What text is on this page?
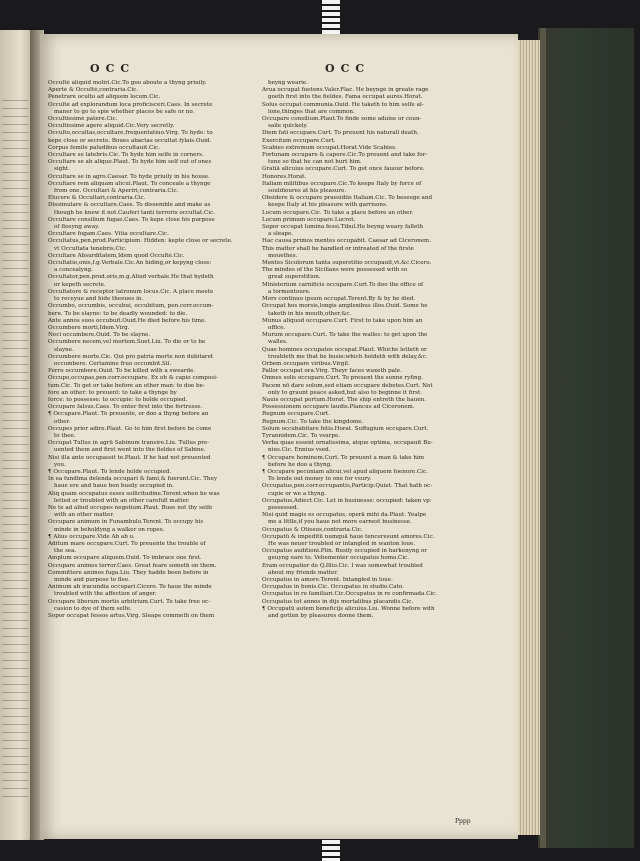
OCC	OCC
Occultè aliquid moliri.Cic.To goo aboute a thyng priuily.
Apertè & Occultè,contraria.Cic.
Penetrare oculto ad aliquem locum.Cic.
Occultè ad explorandum loca proficisceri.Caes. In secrete
maner to go to spie whether places be safe or no.
Occultissimè patere.Cic.
Occultissimè agere aliquid.Cic.Very secretly.
Occulto,occultas,occultare,frequentatiuo.Virg. To hyde: to
kepe close or secrete. Boues abactas occultat fylais.Ouid.
Corpus femile paludibus occultauit.Cic.
Occultare se latebris.Cic. To hyde him selfe in corners.
Occultare se ab aliquo.Plaut. To hyde him self out of ones
sight.
Occultare se in agro.Caesar. To hyde priuily in his house.
Occultare rem aliquam alicui.Plaut. To conceale a thynge
from one. Occultari & Aperiri,contraria.Cic.
Elucere & Occultari,contraria.Cic.
Dissimulare & occultare.Caes. To dissemble and make as
though he knew it not.Cauferi tanti terroris occultat.Cic.
Occultare consilium fugae.Caes. To kepe close his purpose
of fleeyng away.
Occultare fugam.Caes. Vitia occultare.Cic.
Occultatus,pen.prod.Participium. Hidden: kepte close or secrete.
vt Occultata tenebris.Cic.
Occultare Absurditatem,Idem quod Occultè.Cic.
Occultatio,onis,f.g.Verbale.Cic.An hiding,or kepyng close:
a concealyng.
Occultator,pen.prod.oris,m.g.Aliud verbale.He that hydeth
or kepeth secrete.
Occultatore & receptor latronum locus.Cic. A place meete
to receyue and hide theeues in.
Occumbo, occumbis, occubui, occubitum, pen.corr.occum-
bere. To be slayne: to be deadly wounded: to die.
Ante annos suos occubuit.Ouid.He died before his time.
Occumbere morti,Idem.Virg.
Neci occumbere.Ouid. To be slayne.
Occumbere necem,vel mortem.Suet.Liu. To die or to be
slayne.
Occumbere morte.Cic. Qui pro patria morte non dubitaret
occumbere. Certamine fruo occumbit.Sil.
Ferro occumbere.Ouid. To be killed with a swearde.
Occupo,occupas,pen.corr.occupare. Ex ob & capio composi-
tum.Cic. To get or take before an other man: to doe be-
fore an other: to preuent: to take a thynge by
force: to possesse: to occupie: to holde occupied.
Occupare falsus.Caes. To enter first into the fortresse.
¶ Occupare.Plaut. To preuente, or doo a thyng before an
other.
Occupes prior adire.Plaut. Go to him first before he come
to thee.
Occupat Tullus in agrū Sabinum transire.Liu. Tullus pre-
uented them and first went into the fieldes of Sabine.
Nisi illa ante occupassit te.Plaut. If he had not preuented
you.
¶ Occupare.Plaut. To lende holde occupied.
In ea fundima delenda occupari & fami,& fuerunt.Cic. They
haue ere and haue ben busily occupied in.
Aliq quam occupatus esses sollicitudine.Terent.when he was
letted or troubled with an other carefull matter.
Ne te ad aliud occupes negotium.Plaut. Buse not thy selfe
with an other matter.
Occupare animum in Funambulo.Terent. To occupy his
minde in beholdyng a walker on ropes.
¶ Alius occupare.Vide Ab ab o.
Aditum mare occupare.Curt. To preuente the trouble of
the sea.
Amplum occupare aliquem.Ouid. To imbrace one first.
Occupare animos terror.Caes. Great feare someth on them.
Committere animos fuga.Liu. They hadde been before in
minde and purpose to flee.
Animum ab iracundia occupari.Cicero. To haue the minde
troubled with the affection of anger.
Occupare liberum mortis arbitrium.Curt. To take free oc-
casion to dye of them selfe.
Sopor occupat fessos artus.Virg. Sleape commeth on them
beyng wearie.
Arua occupat fuetens.Valer.Flac. He beyngé in greate rage
goeth first into the fieldes. Fama occupat aures.Horat.
Solus occupat communia.Ouid. He taketh to him selfe al-
lone,thinges that are common.
Occupare consilium.Plaut.To finde some aduise or coun-
saile quickely.
Diem fati occupare.Curt. To preuent his naturall death.
Exercitum occupare.Curt.
Scabies extremum occupat.Horat.Vide Scabies.
Fortunam occupare & capere.Cic.To preuent and take for-
tune so that he can not hurt him.
Gratiā alicuius occupare.Curt. To get once fauour before.
Honores.Horat.
Italiam militibus occupare.Cic.To keepe Italy by force of
souldioures at his pleasure.
Obsidere & occupare praesidiis Italiam.Cic. To beseege and
keepe Italy at his pleasure with garrisons.
Locum occupare.Cic. To take a place before an other.
Locum primum occupare.Lucret.
Sopor occupat lumina fessi.Tibul.He beyng weary falleth
a sleape.
Hac causa primos mentes occupabit. Caesar ad Ciceronem.
This matter shall be handled or intreated of the firste
mouethes.
Mentes Siculorum tanta superstitio occupauit,vt.&c.Cicero.
The mindes of the Sicilians were possessed with so
great superstition.
Ministerium carnificis occupare.Curt.To doo the office of
a tormentoure.
Mors continuo ipsum occupat.Terent.By & by he died.
Occupat hos morsis,longis amplexibus illos.Ouid. Some he
taketh in his mouth,other,&c.
Munus aliquod occupare.Curt. First to take upon him an
office.
Murum occupare.Curt. To take the walles: to get upon the
walles.
Quae homines occupatos occupat.Plaut. Whiche letteth or
troubleth me that be busie:which holdeth with delay,&c.
Orbem occupare viribus.Virgil.
Pallor occupat ora.Virg. Theyr faces waxeth pale.
Omnes solis occupare.Curt. To preuent the sunne ryfing.
Pacem nō dare solum,sed etiam occupare debetes.Curt. Not
only to graunt peace asked,but also to beginne it first.
Nauis occupat portum.Horat. The ship entreth the hauen.
Possessionem occupare laudis.Plancus ad Ciceronem.
Regnum occupare.Curt.
Regnum.Cic. To take the kingdome.
Solum occubabitare fetis.Horat. Suffugium occupare.Curt.
Tyrannidem.Cic. To vsurpe.
Verba quae essent ornatissima, atque optima, occupauit Bu-
nius.Cic. Ennius vsed.
¶ Occupare hominem.Curt. To preuent a man & take him
before he doo a thyng.
¶ Occupare pecuniam alicui,vel apud aliquem foenore.Cic.
To lende out money to one for vsury.
Occupatus,pen.corr.occupantis,Particip.Quiet. That hath oc-
cupie or we a thyng.
Occupatus,Adiect.Cic. Let in businesse: occupied: taken vp:
possessed.
Nisi quid magis es occupatus, operā mihi da.Plaut. Yealpe
me a little,if you haue not more earnest businesse.
Occupatus & Otiosus,contraria.Cic.
Occupatū & impeditū numquā haue tenceresunt amores.Cic.
He was neuer troubled or intangled in wanton loue.
Occupatus auditioni.Plin. Busily occupied in harkenyng or
geuyng eare to. Vehementer occupatus homo.Cic.
Eram occupatior de Q.Illio.Cic. I was somewhat troubled
about my friends matter.
Occupatus in amore.Terent. Intangled in loue.
Occupatus in bonis.Cic. Occupatus in studio.Cato.
Occupatus in re familiari.Cic.Occupatus in re confirmada.Cic.
Occupatus tot annos in dijs mortalibus placandis.Cic.
¶ Occupatū autem beneficijs alicuius.Liu. Wonne before with
and gotten by pleasures doone them.
Pppp
